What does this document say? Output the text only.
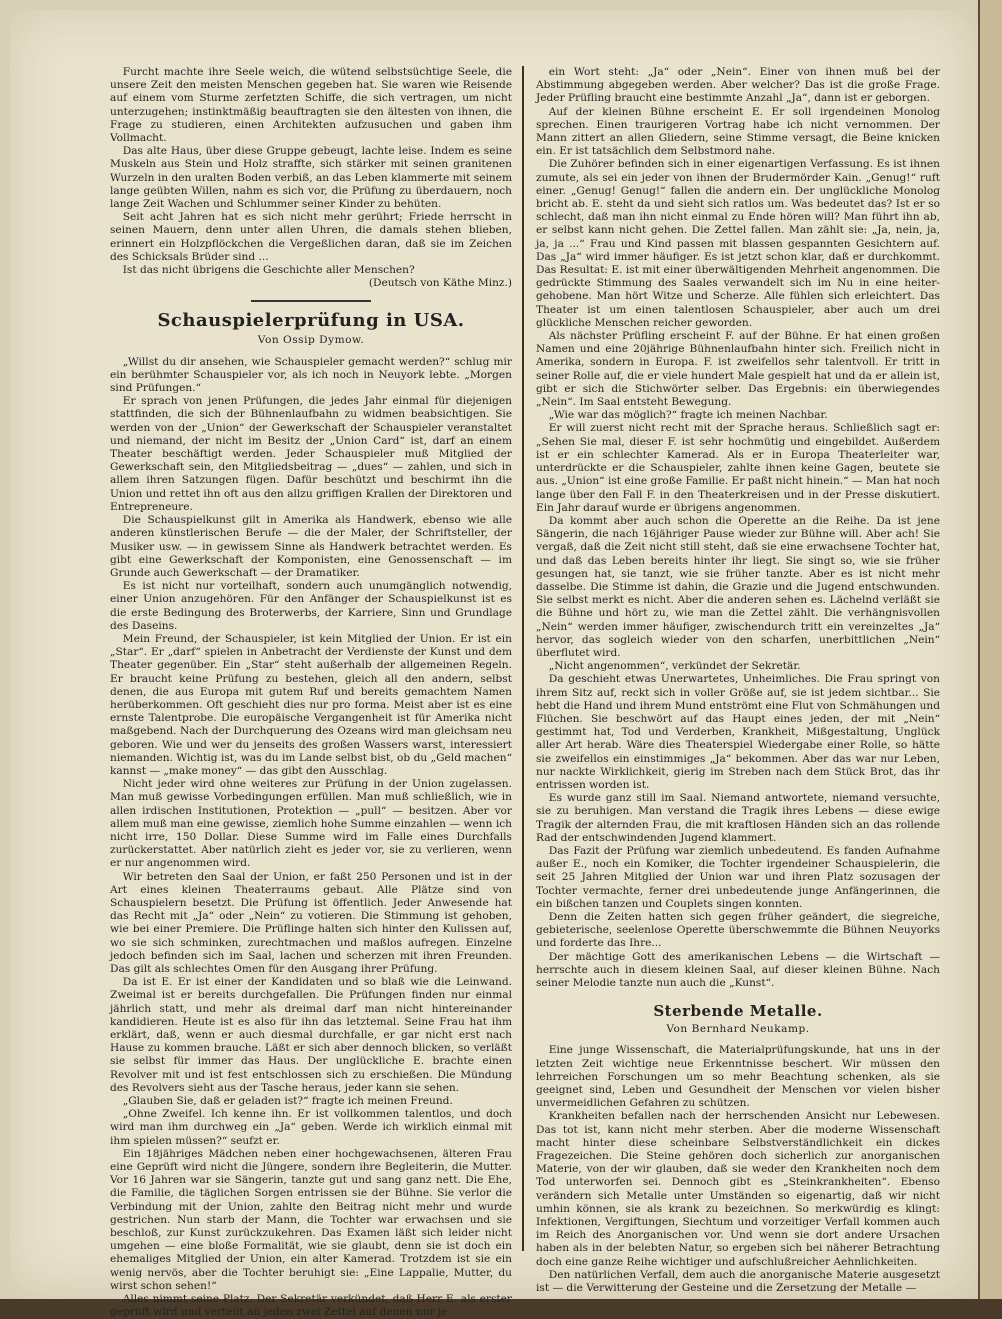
Furcht machte ihre Seele weich, die wütend selbstsüchtige Seele, die unsere Zeit den meisten Menschen gegeben hat. Sie waren wie Reisende auf einem vom Sturme zerfetzten Schiffe, die sich vertragen, um nicht unterzugehen; instinktmäßig beauftragten sie den ältesten von ihnen, die Frage zu studieren, einen Architekten aufzusuchen und gaben ihm Vollmacht.

Das alte Haus, über diese Gruppe gebeugt, lachte leise. Indem es seine Muskeln aus Stein und Holz straffte, sich stärker mit seinen granitenen Wurzeln in den uralten Boden verbiß, an das Leben klammerte mit seinem lange geübten Willen, nahm es sich vor, die Prüfung zu überdauern, noch lange Zeit Wachen und Schlummer seiner Kinder zu behüten.

Seit acht Jahren hat es sich nicht mehr gerührt; Friede herrscht in seinen Mauern, denn unter allen Uhren, die damals stehen blieben, erinnert ein Holzpflöckchen die Vergeßlichen daran, daß sie im Zeichen des Schicksals Brüder sind ...

Ist das nicht übrigens die Geschichte aller Menschen?

(Deutsch von Käthe Minz.)

Schauspielerprüfung in USA.

Von Ossip Dymow.

„Willst du dir ansehen, wie Schauspieler gemacht werden?“ schlug mir ein berühmter Schauspieler vor, als ich noch in Neuyork lebte. „Morgen sind Prüfungen.“

Er sprach von jenen Prüfungen, die jedes Jahr einmal für diejenigen stattfinden, die sich der Bühnenlaufbahn zu widmen beabsichtigen. Sie werden von der „Union“ der Gewerkschaft der Schauspieler veranstaltet und niemand, der nicht im Besitz der „Union Card“ ist, darf an einem Theater beschäftigt werden. Jeder Schauspieler muß Mitglied der Gewerkschaft sein, den Mitgliedsbeitrag — „dues“ — zahlen, und sich in allem ihren Satzungen fügen. Dafür beschützt und beschirmt ihn die Union und rettet ihn oft aus den allzu griffigen Krallen der Direktoren und Entrepreneure.

Die Schauspielkunst gilt in Amerika als Handwerk, ebenso wie alle anderen künstlerischen Berufe — die der Maler, der Schriftsteller, der Musiker usw. — in gewissem Sinne als Handwerk betrachtet werden. Es gibt eine Gewerkschaft der Komponisten, eine Genossenschaft — im Grunde auch Gewerkschaft — der Dramatiker.

Es ist nicht nur vorteilhaft, sondern auch unumgänglich notwendig, einer Union anzugehören. Für den Anfänger der Schauspielkunst ist es die erste Bedingung des Broterwerbs, der Karriere, Sinn und Grundlage des Daseins.

Mein Freund, der Schauspieler, ist kein Mitglied der Union. Er ist ein „Star“. Er „darf“ spielen in Anbetracht der Verdienste der Kunst und dem Theater gegenüber. Ein „Star“ steht außerhalb der allgemeinen Regeln. Er braucht keine Prüfung zu bestehen, gleich all den andern, selbst denen, die aus Europa mit gutem Ruf und bereits gemachtem Namen herüberkommen. Oft geschieht dies nur pro forma. Meist aber ist es eine ernste Talentprobe. Die europäische Vergangenheit ist für Amerika nicht maßgebend. Nach der Durchquerung des Ozeans wird man gleichsam neu geboren. Wie und wer du jenseits des großen Wassers warst, interessiert niemanden. Wichtig ist, was du im Lande selbst bist, ob du „Geld machen“ kannst — „make money“ — das gibt den Ausschlag.

Nicht jeder wird ohne weiteres zur Prüfung in der Union zugelassen. Man muß gewisse Vorbedingungen erfüllen. Man muß schließlich, wie in allen irdischen Institutionen, Protektion — „pull“ — besitzen. Aber vor allem muß man eine gewisse, ziemlich hohe Summe einzahlen — wenn ich nicht irre, 150 Dollar. Diese Summe wird im Falle eines Durchfalls zurückerstattet. Aber natürlich zieht es jeder vor, sie zu verlieren, wenn er nur angenommen wird.

Wir betreten den Saal der Union, er faßt 250 Personen und ist in der Art eines kleinen Theaterraums gebaut. Alle Plätze sind von Schauspielern besetzt. Die Prüfung ist öffentlich. Jeder Anwesende hat das Recht mit „Ja“ oder „Nein“ zu votieren. Die Stimmung ist gehoben, wie bei einer Premiere. Die Prüflinge halten sich hinter den Kulissen auf, wo sie sich schminken, zurechtmachen und maßlos aufregen. Einzelne jedoch befinden sich im Saal, lachen und scherzen mit ihren Freunden. Das gilt als schlechtes Omen für den Ausgang ihrer Prüfung.

Da ist E. Er ist einer der Kandidaten und so blaß wie die Leinwand. Zweimal ist er bereits durchgefallen. Die Prüfungen finden nur einmal jährlich statt, und mehr als dreimal darf man nicht hintereinander kandidieren. Heute ist es also für ihn das letztemal. Seine Frau hat ihm erklärt, daß, wenn er auch diesmal durchfalle, er gar nicht erst nach Hause zu kommen brauche. Läßt er sich aber dennoch blicken, so verläßt sie selbst für immer das Haus. Der unglückliche E. brachte einen Revolver mit und ist fest entschlossen sich zu erschießen. Die Mündung des Revolvers sieht aus der Tasche heraus, jeder kann sie sehen.

„Glauben Sie, daß er geladen ist?“ fragte ich meinen Freund.

„Ohne Zweifel. Ich kenne ihn. Er ist vollkommen talentlos, und doch wird man ihm durchweg ein „Ja“ geben. Werde ich wirklich einmal mit ihm spielen müssen?“ seufzt er.

Ein 18jähriges Mädchen neben einer hochgewachsenen, älteren Frau eine Geprüft wird nicht die Jüngere, sondern ihre Begleiterin, die Mutter. Vor 16 Jahren war sie Sängerin, tanzte gut und sang ganz nett. Die Ehe, die Familie, die täglichen Sorgen entrissen sie der Bühne. Sie verlor die Verbindung mit der Union, zahlte den Beitrag nicht mehr und wurde gestrichen. Nun starb der Mann, die Tochter war erwachsen und sie beschloß, zur Kunst zurückzukehren. Das Examen läßt sich leider nicht umgehen — eine bloße Formalität, wie sie glaubt, denn sie ist doch ein ehemaliges Mitglied der Union, ein alter Kamerad. Trotzdem ist sie ein wenig nervös, aber die Tochter beruhigt sie: „Eine Lappalie, Mutter, du wirst schon sehen!“

Alles nimmt seine Platz. Der Sekretär verkündet, daß Herr E. als erster geprüft wird und verteilt an jeden zwei Zettel auf denen nur je

ein Wort steht: „Ja“ oder „Nein“. Einer von ihnen muß bei der Abstimmung abgegeben werden. Aber welcher? Das ist die große Frage. Jeder Prüfling braucht eine bestimmte Anzahl „Ja“, dann ist er geborgen.

Auf der kleinen Bühne erscheint E. Er soll irgendeinen Monolog sprechen. Einen traurigeren Vortrag habe ich nicht vernommen. Der Mann zittert an allen Gliedern, seine Stimme versagt, die Beine knicken ein. Er ist tatsächlich dem Selbstmord nahe.

Die Zuhörer befinden sich in einer eigenartigen Verfassung. Es ist ihnen zumute, als sei ein jeder von ihnen der Brudermörder Kain. „Genug!“ ruft einer. „Genug! Genug!“ fallen die andern ein. Der unglückliche Monolog bricht ab. E. steht da und sieht sich ratlos um. Was bedeutet das? Ist er so schlecht, daß man ihn nicht einmal zu Ende hören will? Man führt ihn ab, er selbst kann nicht gehen. Die Zettel fallen. Man zählt sie: „Ja, nein, ja, ja, ja ...“ Frau und Kind passen mit blassen gespannten Gesichtern auf. Das „Ja“ wird immer häufiger. Es ist jetzt schon klar, daß er durchkommt. Das Resultat: E. ist mit einer überwältigenden Mehrheit angenommen. Die gedrückte Stimmung des Saales verwandelt sich im Nu in eine heiter-gehobene. Man hört Witze und Scherze. Alle fühlen sich erleichtert. Das Theater ist um einen talentlosen Schauspieler, aber auch um drei glückliche Menschen reicher geworden.

Als nächster Prüfling erscheint F. auf der Bühne. Er hat einen großen Namen und eine 20jährige Bühnenlaufbahn hinter sich. Freilich nicht in Amerika, sondern in Europa. F. ist zweifellos sehr talentvoll. Er tritt in seiner Rolle auf, die er viele hundert Male gespielt hat und da er allein ist, gibt er sich die Stichwörter selber. Das Ergebnis: ein überwiegendes „Nein“. Im Saal entsteht Bewegung.

„Wie war das möglich?“ fragte ich meinen Nachbar.

Er will zuerst nicht recht mit der Sprache heraus. Schließlich sagt er: „Sehen Sie mal, dieser F. ist sehr hochmütig und eingebildet. Außerdem ist er ein schlechter Kamerad. Als er in Europa Theaterleiter war, unterdrückte er die Schauspieler, zahlte ihnen keine Gagen, beutete sie aus. „Union“ ist eine große Familie. Er paßt nicht hinein.“ — Man hat noch lange über den Fall F. in den Theaterkreisen und in der Presse diskutiert. Ein Jahr darauf wurde er übrigens angenommen.

Da kommt aber auch schon die Operette an die Reihe. Da ist jene Sängerin, die nach 16jähriger Pause wieder zur Bühne will. Aber ach! Sie vergaß, daß die Zeit nicht still steht, daß sie eine erwachsene Tochter hat, und daß das Leben bereits hinter ihr liegt. Sie singt so, wie sie früher gesungen hat, sie tanzt, wie sie früher tanzte. Aber es ist nicht mehr dasselbe. Die Stimme ist dahin, die Grazie und die Jugend entschwunden. Sie selbst merkt es nicht. Aber die anderen sehen es. Lächelnd verläßt sie die Bühne und hört zu, wie man die Zettel zählt. Die verhängnisvollen „Nein“ werden immer häufiger, zwischendurch tritt ein vereinzeltes „Ja“ hervor, das sogleich wieder von den scharfen, unerbittlichen „Nein“ überflutet wird.

„Nicht angenommen“, verkündet der Sekretär.

Da geschieht etwas Unerwartetes, Unheimliches. Die Frau springt von ihrem Sitz auf, reckt sich in voller Größe auf, sie ist jedem sichtbar... Sie hebt die Hand und ihrem Mund entströmt eine Flut von Schmähungen und Flüchen. Sie beschwört auf das Haupt eines jeden, der mit „Nein“ gestimmt hat, Tod und Verderben, Krankheit, Mißgestaltung, Unglück aller Art herab. Wäre dies Theaterspiel Wiedergabe einer Rolle, so hätte sie zweifellos ein einstimmiges „Ja“ bekommen. Aber das war nur Leben, nur nackte Wirklichkeit, gierig im Streben nach dem Stück Brot, das ihr entrissen worden ist.

Es wurde ganz still im Saal. Niemand antwortete, niemand versuchte, sie zu beruhigen. Man verstand die Tragik ihres Lebens — diese ewige Tragik der alternden Frau, die mit kraftlosen Händen sich an das rollende Rad der entschwindenden Jugend klammert.

Das Fazit der Prüfung war ziemlich unbedeutend. Es fanden Aufnahme außer E., noch ein Komiker, die Tochter irgendeiner Schauspielerin, die seit 25 Jahren Mitglied der Union war und ihren Platz sozusagen der Tochter vermachte, ferner drei unbedeutende junge Anfängerinnen, die ein bißchen tanzen und Couplets singen konnten.

Denn die Zeiten hatten sich gegen früher geändert, die siegreiche, gebieterische, seelenlose Operette überschwemmte die Bühnen Neuyorks und forderte das Ihre...

Der mächtige Gott des amerikanischen Lebens — die Wirtschaft — herrschte auch in diesem kleinen Saal, auf dieser kleinen Bühne. Nach seiner Melodie tanzte nun auch die „Kunst“.

Sterbende Metalle.

Von Bernhard Neukamp.

Eine junge Wissenschaft, die Materialprüfungskunde, hat uns in der letzten Zeit wichtige neue Erkenntnisse beschert. Wir müssen den lehrreichen Forschungen um so mehr Beachtung schenken, als sie geeignet sind, Leben und Gesundheit der Menschen vor vielen bisher unvermeidlichen Gefahren zu schützen.

Krankheiten befallen nach der herrschenden Ansicht nur Lebewesen. Das tot ist, kann nicht mehr sterben. Aber die moderne Wissenschaft macht hinter diese scheinbare Selbstverständlichkeit ein dickes Fragezeichen. Die Steine gehören doch sicherlich zur anorganischen Materie, von der wir glauben, daß sie weder den Krankheiten noch dem Tod unterworfen sei. Dennoch gibt es „Steinkrankheiten“. Ebenso verändern sich Metalle unter Umständen so eigenartig, daß wir nicht umhin können, sie als krank zu bezeichnen. So merkwürdig es klingt: Infektionen, Vergiftungen, Siechtum und vorzeitiger Verfall kommen auch im Reich des Anorganischen vor. Und wenn sie dort andere Ursachen haben als in der belebten Natur, so ergeben sich bei näherer Betrachtung doch eine ganze Reihe wichtiger und aufschlußreicher Aehnlichkeiten.

Den natürlichen Verfall, dem auch die anorganische Materie ausgesetzt ist — die Verwitterung der Gesteine und die Zersetzung der Metalle —
